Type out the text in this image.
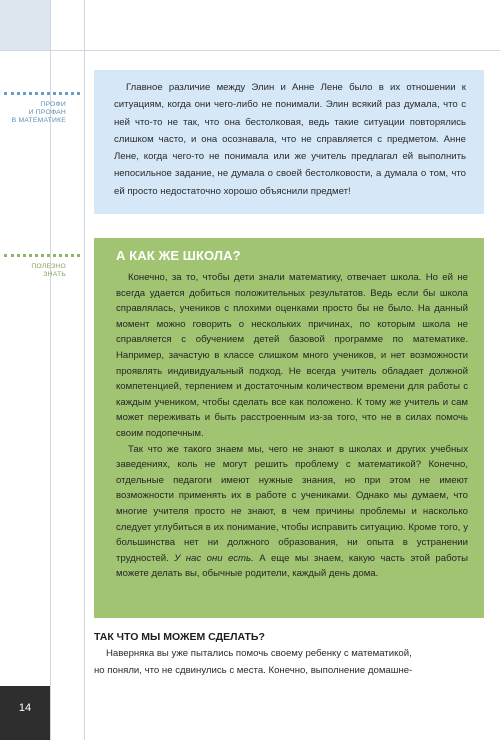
ПРОФИ
И ПРОФАН
В МАТЕМАТИКЕ
ПОЛЕЗНО
ЗНАТЬ

Главное различие между Элин и Анне Лене было в их отношении к ситуациям, когда они чего-либо не понимали. Элин всякий раз думала, что с ней что-то не так, что она бестолковая, ведь такие ситуации повторялись слишком часто, и она осознавала, что не справляется с предметом. Анне Лене, когда чего-то не понимала или же учитель предлагал ей выполнить непосильное задание, не думала о своей бестолковости, а думала о том, что ей просто недостаточно хорошо объяснили предмет!

А КАК ЖЕ ШКОЛА?

Конечно, за то, чтобы дети знали математику, отвечает школа. Но ей не всегда удается добиться положительных результатов. Ведь если бы школа справлялась, учеников с плохими оценками просто бы не было. На данный момент можно говорить о нескольких причинах, по которым школа не справляется с обучением детей базовой программе по математике. Например, зачастую в классе слишком много учеников, и нет возможности проявлять индивидуальный подход. Не всегда учитель обладает должной компетенцией, терпением и достаточным количеством времени для работы с каждым учеником, чтобы сделать все как положено. К тому же учитель и сам может переживать и быть расстроенным из-за того, что не в силах помочь своим подопечным.

Так что же такого знаем мы, чего не знают в школах и других учебных заведениях, коль не могут решить проблему с математикой? Конечно, отдельные педагоги имеют нужные знания, но при этом не имеют возможности применять их в работе с учениками. Однако мы думаем, что многие учителя просто не знают, в чем причины проблемы и насколько следует углубиться в их понимание, чтобы исправить ситуацию. Кроме того, у большинства нет ни должного образования, ни опыта в устранении трудностей. У нас они есть. А еще мы знаем, какую часть этой работы можете делать вы, обычные родители, каждый день дома.

ТАК ЧТО МЫ МОЖЕМ СДЕЛАТЬ?

Наверняка вы уже пытались помочь своему ребенку с математикой,
но поняли, что не сдвинулись с места. Конечно, выполнение домашне-

14
